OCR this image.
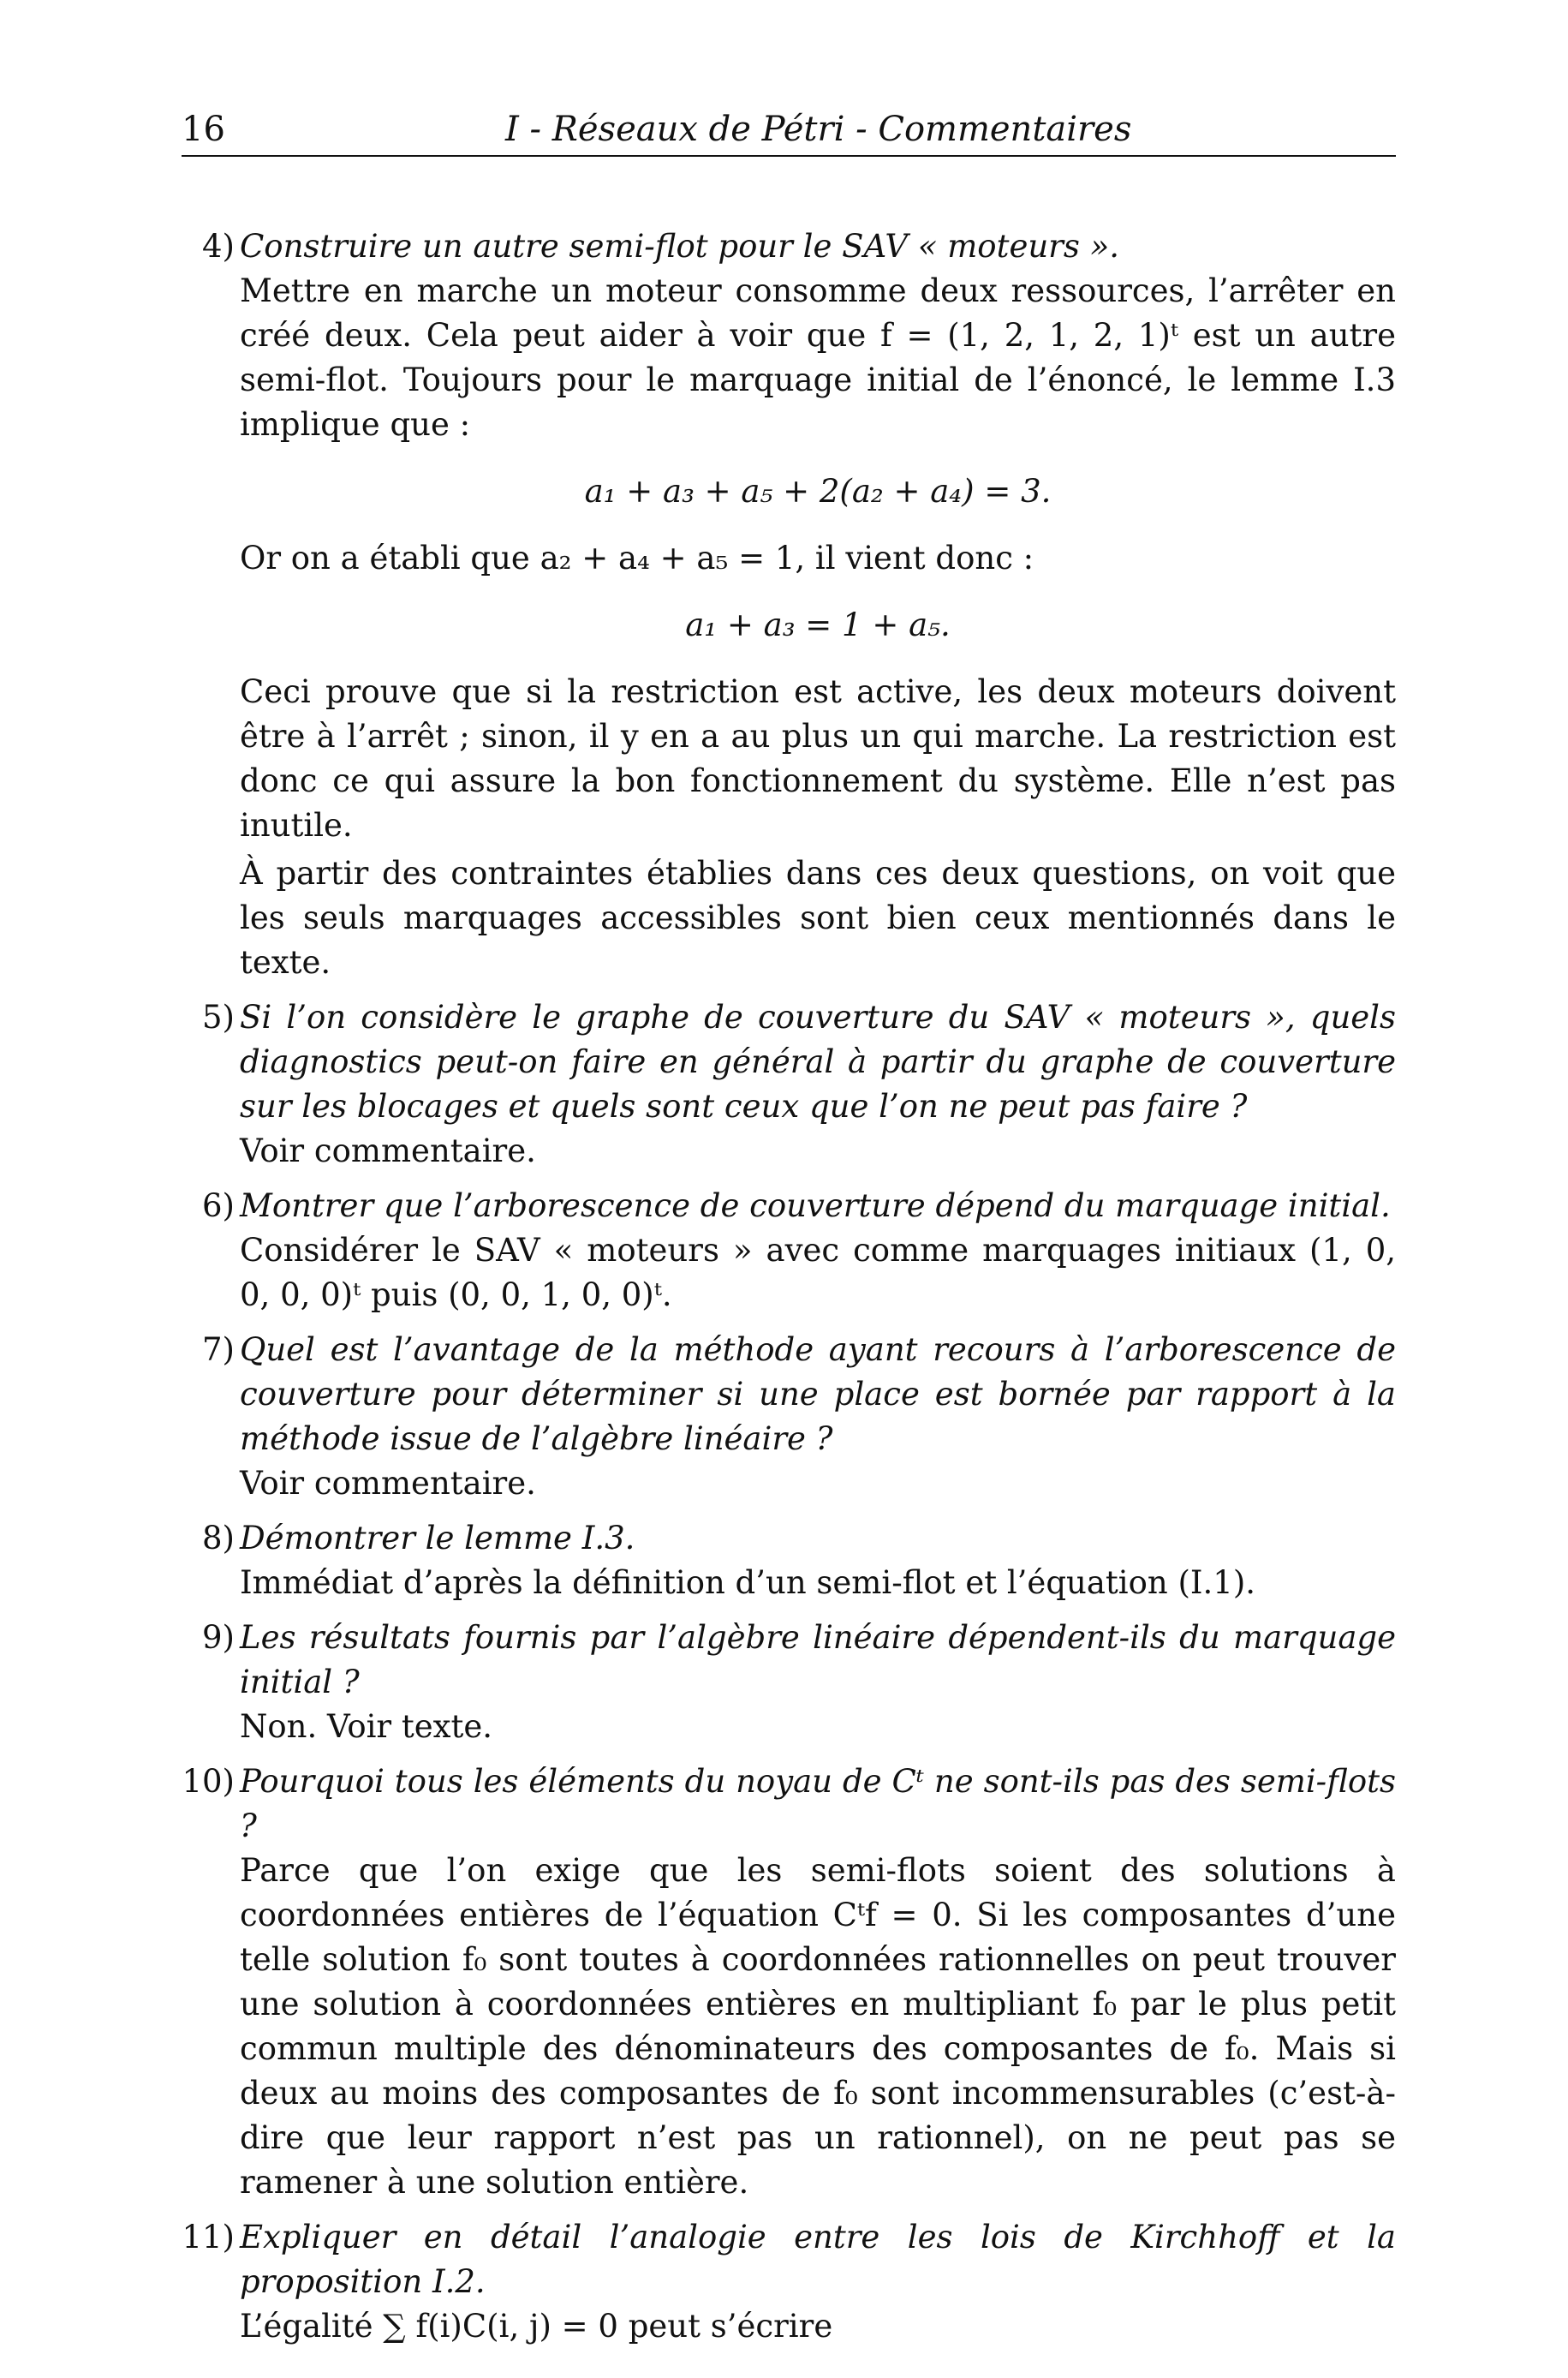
16	I - Réseaux de Pétri - Commentaires
4) Construire un autre semi-flot pour le SAV « moteurs ».

Mettre en marche un moteur consomme deux ressources, l’arrêter en créé deux. Cela peut aider à voir que f = (1, 2, 1, 2, 1)ᵗ est un autre semi-flot. Toujours pour le marquage initial de l’énoncé, le lemme I.3 implique que :

a₁ + a₃ + a₅ + 2(a₂ + a₄) = 3.

Or on a établi que a₂ + a₄ + a₅ = 1, il vient donc :

a₁ + a₃ = 1 + a₅.

Ceci prouve que si la restriction est active, les deux moteurs doivent être à l’arrêt ; sinon, il y en a au plus un qui marche. La restriction est donc ce qui assure la bon fonctionnement du système. Elle n’est pas inutile.

À partir des contraintes établies dans ces deux questions, on voit que les seuls marquages accessibles sont bien ceux mentionnés dans le texte.

5) Si l’on considère le graphe de couverture du SAV « moteurs », quels diagnostics peut-on faire en général à partir du graphe de couverture sur les blocages et quels sont ceux que l’on ne peut pas faire ?

Voir commentaire.

6) Montrer que l’arborescence de couverture dépend du marquage initial.

Considérer le SAV « moteurs » avec comme marquages initiaux (1, 0, 0, 0, 0)ᵗ puis (0, 0, 1, 0, 0)ᵗ.

7) Quel est l’avantage de la méthode ayant recours à l’arborescence de couverture pour déterminer si une place est bornée par rapport à la méthode issue de l’algèbre linéaire ?

Voir commentaire.

8) Démontrer le lemme I.3.

Immédiat d’après la définition d’un semi-flot et l’équation (I.1).

9) Les résultats fournis par l’algèbre linéaire dépendent-ils du marquage initial ?

Non. Voir texte.

10) Pourquoi tous les éléments du noyau de Cᵗ ne sont-ils pas des semi-flots ?

Parce que l’on exige que les semi-flots soient des solutions à coordonnées entières de l’équation Cᵗf = 0. Si les composantes d’une telle solution f₀ sont toutes à coordonnées rationnelles on peut trouver une solution à coordonnées entières en multipliant f₀ par le plus petit commun multiple des dénominateurs des composantes de f₀. Mais si deux au moins des composantes de f₀ sont incommensurables (c’est-à-dire que leur rapport n’est pas un rationnel), on ne peut pas se ramener à une solution entière.

11) Expliquer en détail l’analogie entre les lois de Kirchhoff et la proposition I.2.

L’égalité ∑ f(i)C(i, j) = 0 peut s’écrire
